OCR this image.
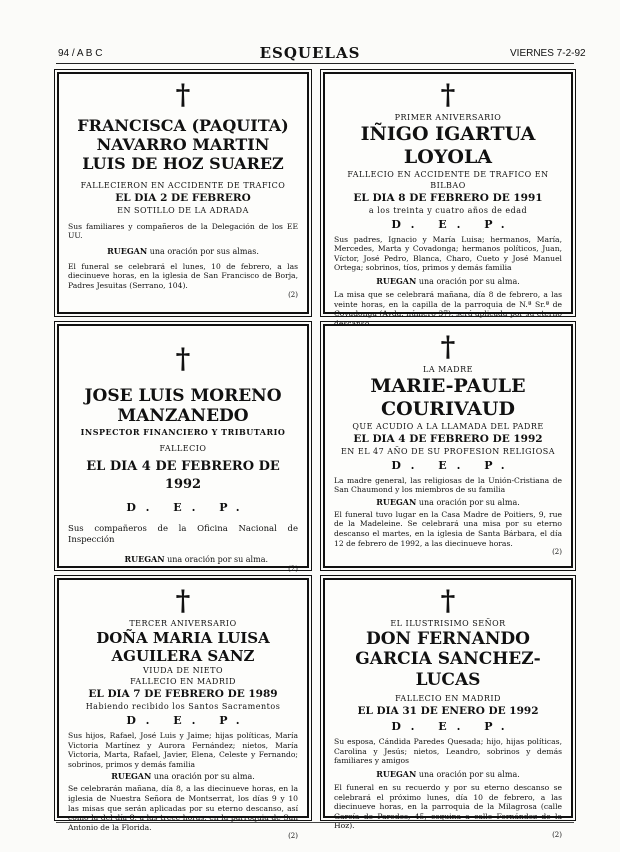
94 / A B C	ESQUELAS	VIERNES 7-2-92
†
FRANCISCA (PAQUITA) NAVARRO MARTIN
LUIS DE HOZ SUAREZ
FALLECIERON EN ACCIDENTE DE TRAFICO
EL DIA 2 DE FEBRERO
EN SOTILLO DE LA ADRADA
Sus familiares y compañeros de la Delegación de los EE UU.
RUEGAN una oración por sus almas.
El funeral se celebrará el lunes, 10 de febrero, a las diecinueve horas, en la iglesia de San Francisco de Borja, Padres Jesuitas (Serrano, 104).
(2)
†
PRIMER ANIVERSARIO
IÑIGO IGARTUA LOYOLA
FALLECIO EN ACCIDENTE DE TRAFICO EN BILBAO
EL DIA 8 DE FEBRERO DE 1991
a los treinta y cuatro años de edad
D. E. P.
Sus padres, Ignacio y María Luisa; hermanos, María, Mercedes, Marta y Covadonga; hermanos políticos, Juan, Víctor, José Pedro, Blanca, Charo, Cueto y José Manuel Ortega; sobrinos, tíos, primos y demás familia
RUEGAN una oración por su alma.
La misa que se celebrará mañana, día 8 de febrero, a las veinte horas, en la capilla de la parroquia de N.ª Sr.ª de Covadonga (Avda. número 37), será aplicada por su eterno
†
JOSE LUIS MORENO MANZANEDO
INSPECTOR FINANCIERO Y TRIBUTARIO
FALLECIO
EL DIA 4 DE FEBRERO DE 1992
D. E. P.
Sus compañeros de la Oficina Nacional de Inspección
RUEGAN una oración por su alma.
(2)
†
LA MADRE
MARIE-PAULE COURIVAUD
QUE ACUDIO A LA LLAMADA DEL PADRE
EL DIA 4 DE FEBRERO DE 1992
EN EL 47 AÑO DE SU PROFESION RELIGIOSA
D. E. P.
La madre general, las religiosas de la Unión-Cristiana de San Chaumond y los miembros de su familia
RUEGAN una oración por su alma.
El funeral tuvo lugar en la Casa Madre de Poitiers, 9, rue de la Madeleine. Se celebrará una misa por su eterno descanso el martes, en la iglesia de Santa Bárbara, el día 12 de febrero de 1992, a las diecinueve horas.
(2)
†
TERCER ANIVERSARIO
DOÑA MARIA LUISA AGUILERA SANZ
VIUDA DE NIETO
FALLECIO EN MADRID
EL DIA 7 DE FEBRERO DE 1989
Habiendo recibido los Santos Sacramentos
D. E. P.
Sus hijos, Rafael, José Luis y Jaime; hijas políticas, María Victoria Martínez y Aurora Fernández; nietos, María Victoria, Marta, Rafael, Javier, Elena, Celeste y Fernando; sobrinos, primos y demás familia
RUEGAN una oración por su alma.
Se celebrarán mañana, día 8, a las diecinueve horas, en la iglesia de Nuestra Señora de Montserrat, los días 9 y 10 las misas que serán aplicadas por su eterno descanso, así como la del día 8, a las trece horas, en la parroquia de San Antonio de la Florida.
(2)
†
EL ILUSTRISIMO SEÑOR
DON FERNANDO GARCIA SANCHEZ-
LUCAS
FALLECIO EN MADRID
EL DIA 31 DE ENERO DE 1992
D. E. P.
Su esposa, Cándida Paredes Quesada; hijo, hijas políticas, Carolina y Jesús; nietos, Leandro, sobrinos y demás familiares y amigos
RUEGAN una oración por su alma.
El funeral en su recuerdo y por su eterno descanso se celebrará el próximo lunes, día 10 de febrero, a las diecinueve horas, en la parroquia de la Milagrosa (calle García de Paredes, 45, esquina a calle Fernández de la Hoz).
(2)
